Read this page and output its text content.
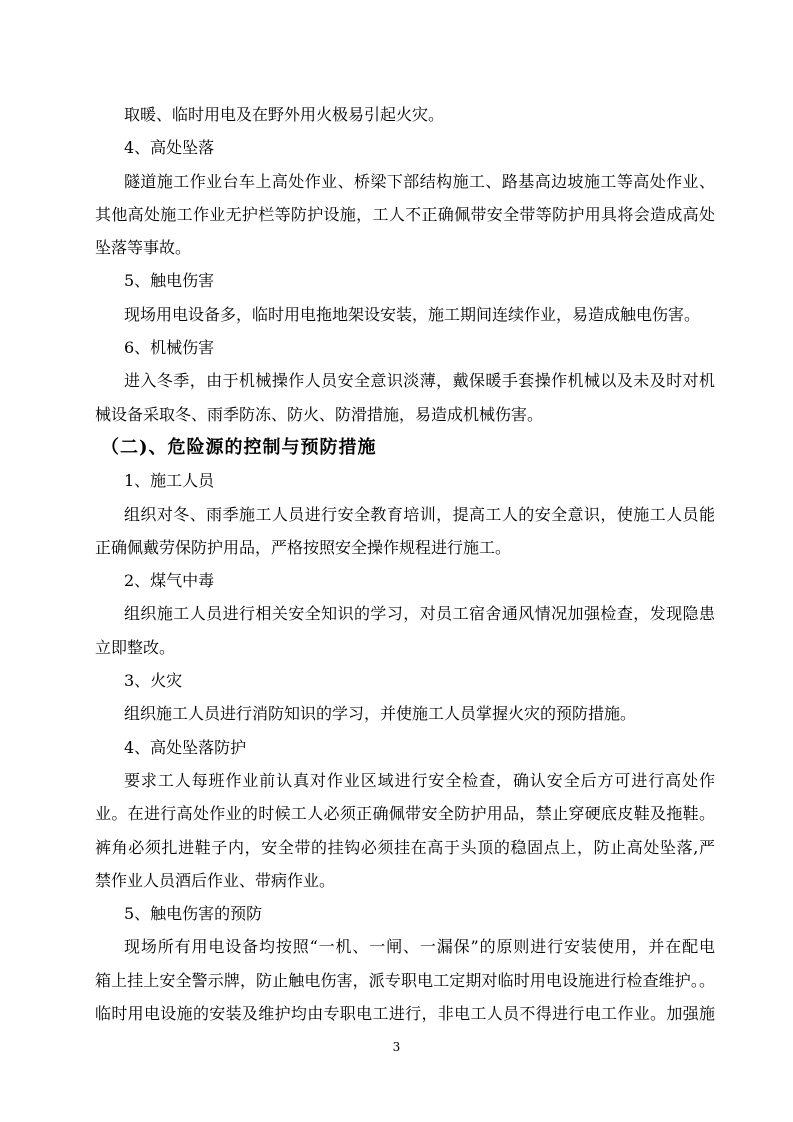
取暖、临时用电及在野外用火极易引起火灾。
4、高处坠落
隧道施工作业台车上高处作业、桥梁下部结构施工、路基高边坡施工等高处作业、
其他高处施工作业无护栏等防护设施，工人不正确佩带安全带等防护用具将会造成高处
坠落等事故。
5、触电伤害
现场用电设备多，临时用电拖地架设安装，施工期间连续作业，易造成触电伤害。
6、机械伤害
进入冬季，由于机械操作人员安全意识淡薄，戴保暖手套操作机械以及未及时对机
械设备采取冬、雨季防冻、防火、防滑措施，易造成机械伤害。
（二)、危险源的控制与预防措施
1、施工人员
组织对冬、雨季施工人员进行安全教育培训，提高工人的安全意识，使施工人员能
正确佩戴劳保防护用品，严格按照安全操作规程进行施工。
2、煤气中毒
组织施工人员进行相关安全知识的学习，对员工宿舍通风情况加强检查，发现隐患
立即整改。
3、火灾
组织施工人员进行消防知识的学习，并使施工人员掌握火灾的预防措施。
4、高处坠落防护
要求工人每班作业前认真对作业区域进行安全检查，确认安全后方可进行高处作
业。在进行高处作业的时候工人必须正确佩带安全防护用品，禁止穿硬底皮鞋及拖鞋。
裤角必须扎进鞋子内，安全带的挂钩必须挂在高于头顶的稳固点上，防止高处坠落,严
禁作业人员酒后作业、带病作业。
5、触电伤害的预防
现场所有用电设备均按照“一机、一闸、一漏保”的原则进行安装使用，并在配电
箱上挂上安全警示牌，防止触电伤害，派专职电工定期对临时用电设施进行检查维护。。
临时用电设施的安装及维护均由专职电工进行，非电工人员不得进行电工作业。加强施
3
